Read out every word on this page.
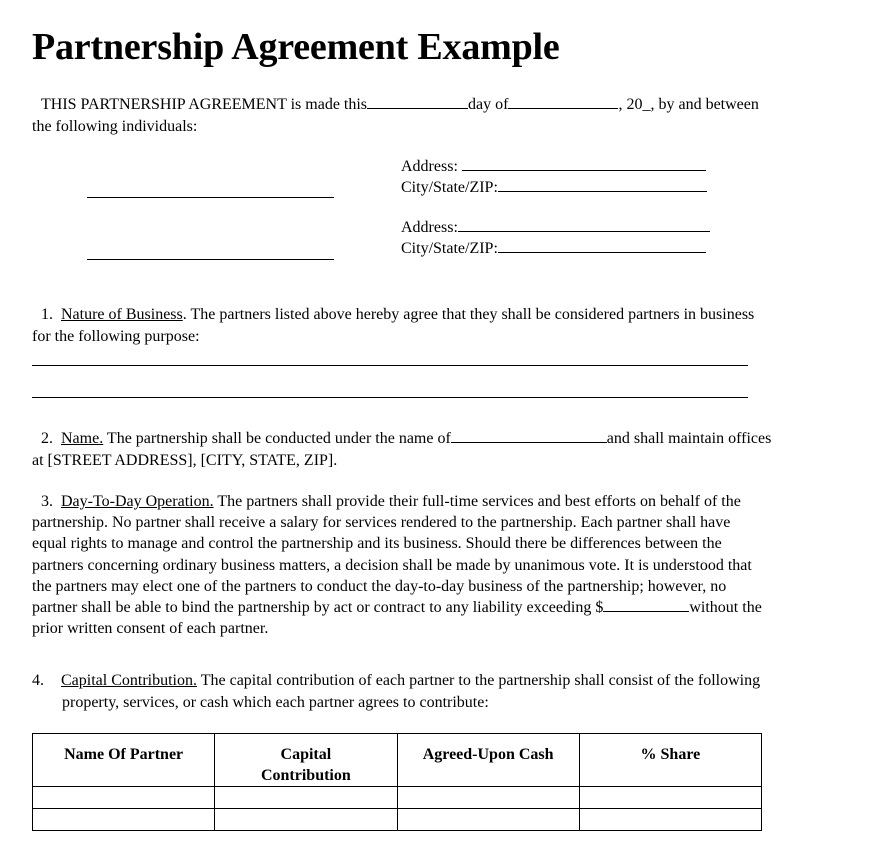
Partnership Agreement Example

THIS PARTNERSHIP AGREEMENT is made this	day of	, 20_, by and between
the following individuals:

Address:

City/State/ZIP:

Address:

City/State/ZIP:

1. Nature of Business. The partners listed above hereby agree that they shall be considered partners in business
for the following purpose:

2. Name. The partnership shall be conducted under the name of	and shall maintain offices
at [STREET ADDRESS], [CITY, STATE, ZIP].

3. Day-To-Day Operation. The partners shall provide their full-time services and best efforts on behalf of the
partnership. No partner shall receive a salary for services rendered to the partnership. Each partner shall have
equal rights to manage and control the partnership and its business. Should there be differences between the
partners concerning ordinary business matters, a decision shall be made by unanimous vote. It is understood that
the partners may elect one of the partners to conduct the day-to-day business of the partnership; however, no
partner shall be able to bind the partnership by act or contract to any liability exceeding $	without the
prior written consent of each partner.

4. Capital Contribution. The capital contribution of each partner to the partnership shall consist of the following
property, services, or cash which each partner agrees to contribute:

Name Of Partner	Capital Contribution	Agreed-Upon Cash	% Share
